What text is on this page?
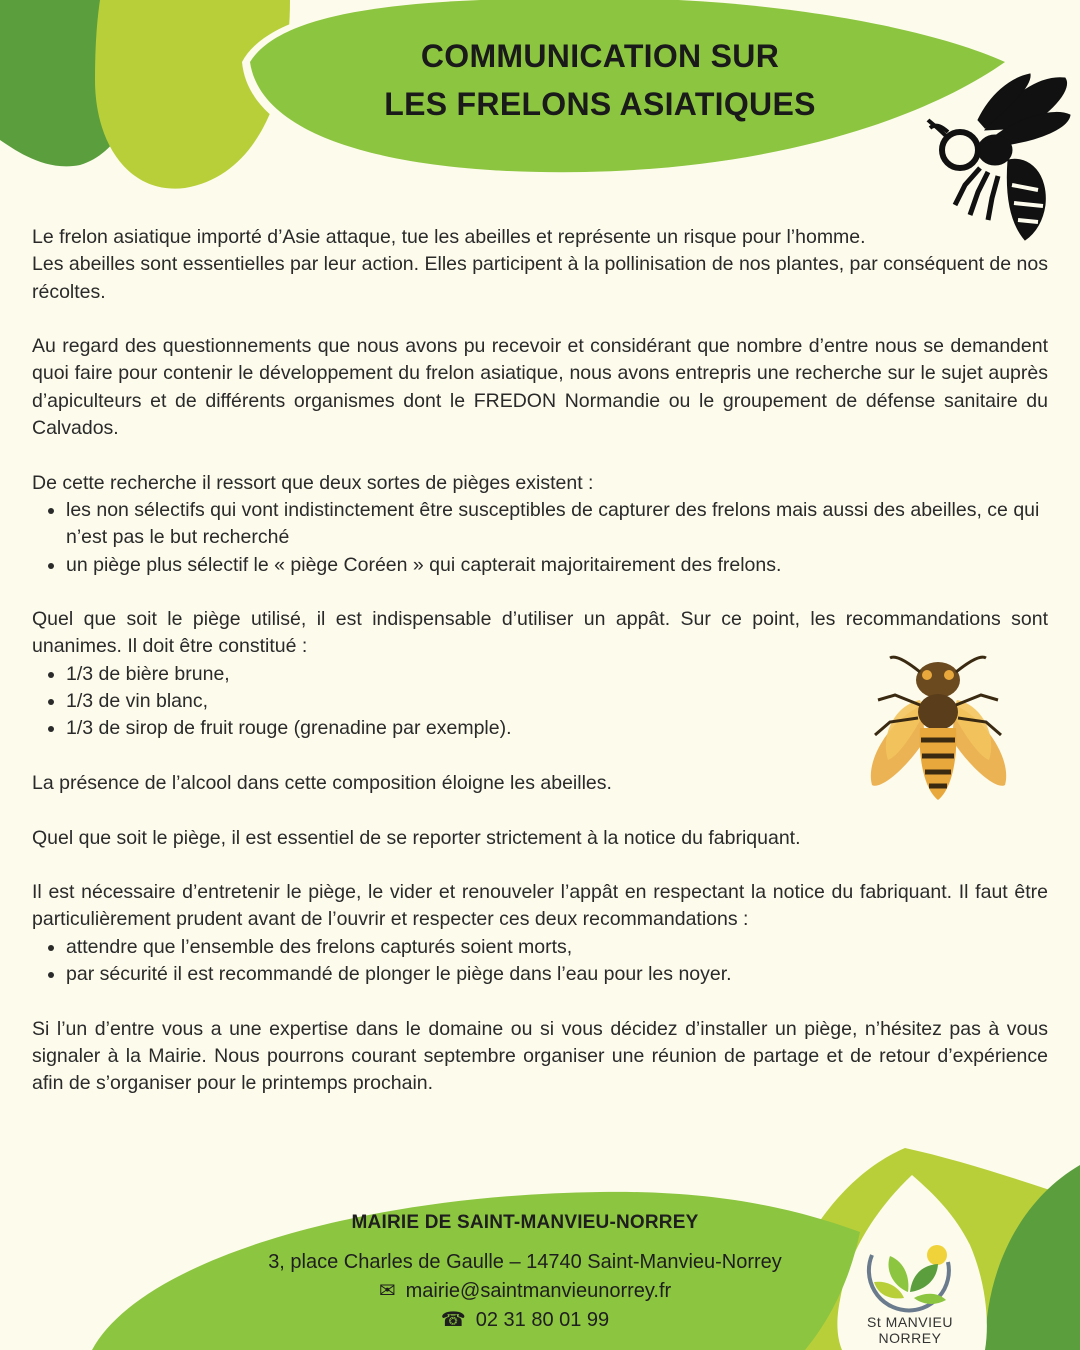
COMMUNICATION SUR
LES FRELONS ASIATIQUES

Le frelon asiatique importé d’Asie attaque, tue les abeilles et représente un risque pour l’homme.

Les abeilles sont essentielles par leur action. Elles participent à la pollinisation de nos plantes, par conséquent de nos récoltes.

Au regard des questionnements que nous avons pu recevoir et considérant que nombre d’entre nous se demandent quoi faire pour contenir le développement du frelon asiatique, nous avons entrepris une recherche sur le sujet auprès d’apiculteurs et de différents organismes dont le FREDON Normandie ou le groupement de défense sanitaire du Calvados.

De cette recherche il ressort que deux sortes de pièges existent :

• les non sélectifs qui vont indistinctement être susceptibles de capturer des frelons mais aussi des abeilles, ce qui n’est pas le but recherché
• un piège plus sélectif le « piège Coréen » qui capterait majoritairement des frelons.

Quel que soit le piège utilisé, il est indispensable d’utiliser un appât. Sur ce point, les recommandations sont unanimes. Il doit être constitué :

• 1/3 de bière brune,
• 1/3 de vin blanc,
• 1/3 de sirop de fruit rouge (grenadine par exemple).

La présence de l’alcool dans cette composition éloigne les abeilles.

Quel que soit le piège, il est essentiel de se reporter strictement à la notice du fabriquant.

Il est nécessaire d’entretenir le piège, le vider et renouveler l’appât en respectant la notice du fabriquant. Il faut être particulièrement prudent avant de l’ouvrir et respecter ces deux recommandations :

• attendre que l’ensemble des frelons capturés soient morts,
• par sécurité il est recommandé de plonger le piège dans l’eau pour les noyer.

Si l’un d’entre vous a une expertise dans le domaine ou si vous décidez d’installer un piège, n’hésitez pas à vous signaler à la Mairie. Nous pourrons courant septembre organiser une réunion de partage et de retour d’expérience afin de s’organiser pour le printemps prochain.

MAIRIE DE SAINT-MANVIEU-NORREY
3, place Charles de Gaulle – 14740 Saint-Manvieu-Norrey
✉ mairie@saintmanvieunorrey.fr
☎ 02 31 80 01 99	St MANVIEU
NORREY
